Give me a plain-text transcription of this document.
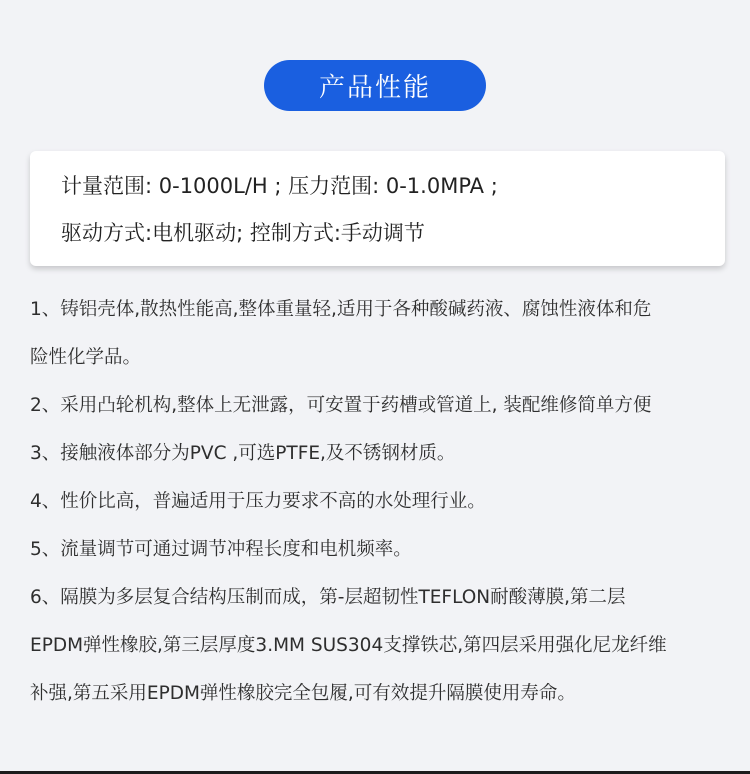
产品性能
计量范围: 0-1000L/H ; 压力范围: 0-1.0MPA ;
驱动方式:电机驱动; 控制方式:手动调节
1、铸铝壳体,散热性能高,整体重量轻,适用于各种酸碱药液、腐蚀性液体和危
险性化学品。
2、采用凸轮机构,整体上无泄露，可安置于药槽或管道上, 装配维修简单方便
3、接触液体部分为PVC ,可选PTFE,及不锈钢材质。
4、性价比高，普遍适用于压力要求不高的水处理行业。
5、流量调节可通过调节冲程长度和电机频率。
6、隔膜为多层复合结构压制而成，第-层超韧性TEFLON耐酸薄膜,第二层
EPDM弹性橡胶,第三层厚度3.MM SUS304支撑铁芯,第四层采用强化尼龙纤维
补强,第五采用EPDM弹性橡胶完全包履,可有效提升隔膜使用寿命。
